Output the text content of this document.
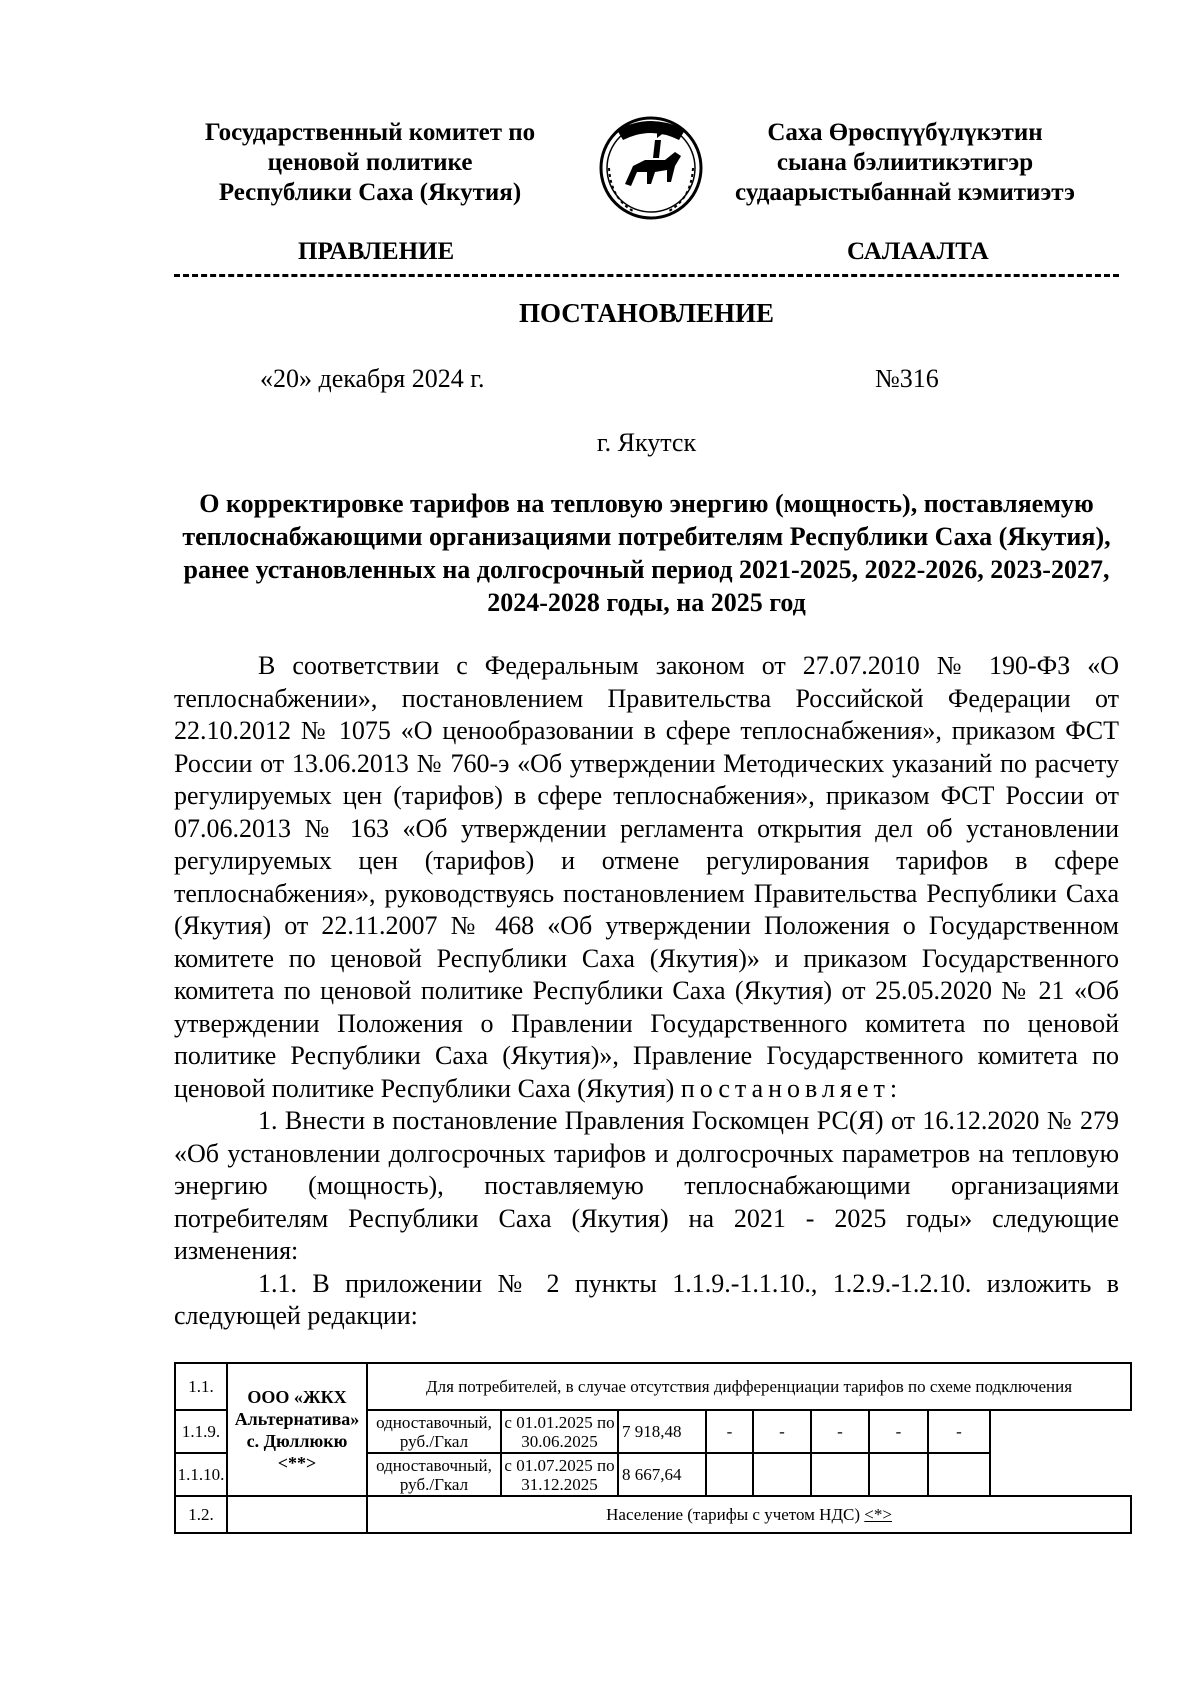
Государственный комитет по
ценовой политике
Республики Саха (Якутия)
Саха Өрөспүүбүлүкэтин
сыана бэлиитикэтигэр
судаарыстыбаннай кэмитиэтэ
ПРАВЛЕНИЕ	САЛААЛТА
ПОСТАНОВЛЕНИЕ
«20» декабря 2024 г.	№316
г. Якутск
О корректировке тарифов на тепловую энергию (мощность), поставляемую теплоснабжающими организациями потребителям Республики Саха (Якутия), ранее установленных на долгосрочный период 2021-2025, 2022-2026, 2023-2027, 2024-2028 годы, на 2025 год

В соответствии с Федеральным законом от 27.07.2010 № 190-ФЗ «О теплоснабжении», постановлением Правительства Российской Федерации от 22.10.2012 № 1075 «О ценообразовании в сфере теплоснабжения», приказом ФСТ России от 13.06.2013 № 760-э «Об утверждении Методических указаний по расчету регулируемых цен (тарифов) в сфере теплоснабжения», приказом ФСТ России от 07.06.2013 № 163 «Об утверждении регламента открытия дел об установлении регулируемых цен (тарифов) и отмене регулирования тарифов в сфере теплоснабжения», руководствуясь постановлением Правительства Республики Саха (Якутия) от 22.11.2007 № 468 «Об утверждении Положения о Государственном комитете по ценовой Республики Саха (Якутия)» и приказом Государственного комитета по ценовой политике Республики Саха (Якутия) от 25.05.2020 № 21 «Об утверждении Положения о Правлении Государственного комитета по ценовой политике Республики Саха (Якутия)», Правление Государственного комитета по ценовой политике Республики Саха (Якутия) постановляет:

1. Внести в постановление Правления Госкомцен РС(Я) от 16.12.2020 № 279 «Об установлении долгосрочных тарифов и долгосрочных параметров на тепловую энергию (мощность), поставляемую теплоснабжающими организациями потребителям Республики Саха (Якутия) на 2021 - 2025 годы» следующие изменения:

1.1. В приложении № 2 пункты 1.1.9.-1.1.10., 1.2.9.-1.2.10. изложить в следующей редакции:

1.1.	ООО «ЖКХ Альтернатива» с. Дюллюкю <**>	Для потребителей, в случае отсутствия дифференциации тарифов по схеме подключения							
1.1.9.		одноставочный, руб./Гкал	с 01.01.2025 по 30.06.2025	7 918,48	-	-	-	-	-
1.1.10.		одноставочный, руб./Гкал	с 01.07.2025 по 31.12.2025	8 667,64					
1.2.		Население (тарифы с учетом НДС) <*>							
